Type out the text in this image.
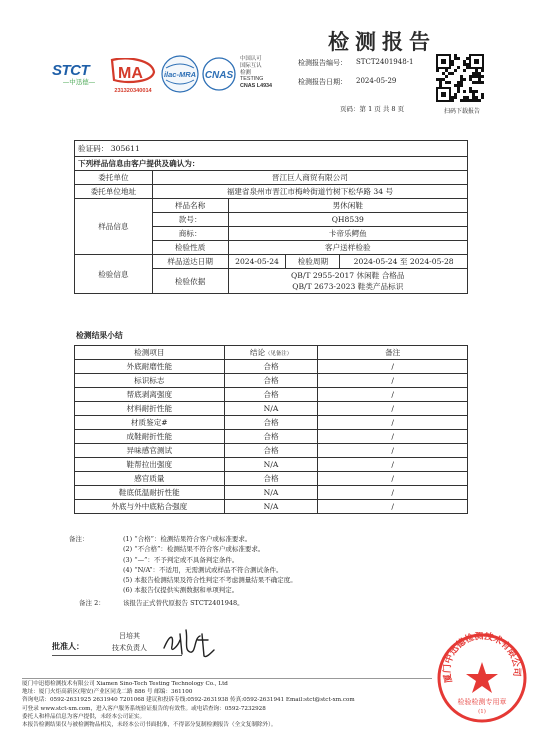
STCT
—中迅德—	MA
231320340014
ilac-MRA CNAS
中国认可
国际互认
检测
TESTING
CNAS L4934
检测报告
检测报告编号： STCT2401948-1
检测报告日期： 2024-05-29
页码：第 1 页 共 8 页	扫码下载报告
验证码： 305611				
下列样品信息由客户提供及确认为：				
委托单位	晋江巨人商贸有限公司			
委托单位地址	福建省泉州市晋江市梅岭街道竹树下松华路 34 号			
样品信息	样品名称	男休闲鞋		
	款号：	QH8539		
	商标：	卡帝乐鳄鱼		
	检验性质	客户送样检验		
检验信息	样品送达日期	2024-05-24	检验周期	2024-05-24 至 2024-05-28
	检验依据	QB/T 2955-2017 休闲鞋 合格品
QB/T 2673-2023 鞋类产品标识		
检测结果小结
检测项目	结论（见备注）	备注
外底耐磨性能	合格	/
标识标志	合格	/
帮底剥离强度	合格	/
材料耐折性能	N/A	/
材质鉴定#	合格	/
成鞋耐折性能	合格	/
异味感官测试	合格	/
鞋帮拉出强度	N/A	/
感官质量	合格	/
鞋底低温耐折性能	N/A	/
外底与外中底粘合强度	N/A	/
备注：	(1) “合格”：检测结果符合客户或标准要求。
(2) “不合格”：检测结果不符合客户或标准要求。
(3) “—”：不予判定或不具备判定条件。
(4) “N/A”：不适用，无需测试或样品不符合测试条件。
(5) 本报告检测结果及符合性判定不考虑测量结果不确定度。
(6) 本报告仅提供实测数据和单项判定。
备注 2：	该报告正式替代原报告 STCT2401948。
批准人：
吕培其
技术负责人
厦门中迅德检测技术有限公司 Xiamen Sino-Tech Testing Technology Co., Ltd
地址：厦门火炬高新区(翔安)产业区同龙二路 886 号 邮编：361100
咨询电话：0592-2631925 2631940 7201068 建议和投诉专线:0592-2631938 传真:0592-2631941 Email:stct@stct-xm.com
可登录 www.stct-xm.com，进入客户服务系统验证报告的有效性。或电话查询：0592-7232928
委托人和样品信息为客户提供，未经本公司证实。
本报告检测结果仅与被检测物品相关，未经本公司书面批准，不得部分复制检测报告（全文复制除外）。
厦门中迅德检测技术有限公司
检验检测专用章
(1)
